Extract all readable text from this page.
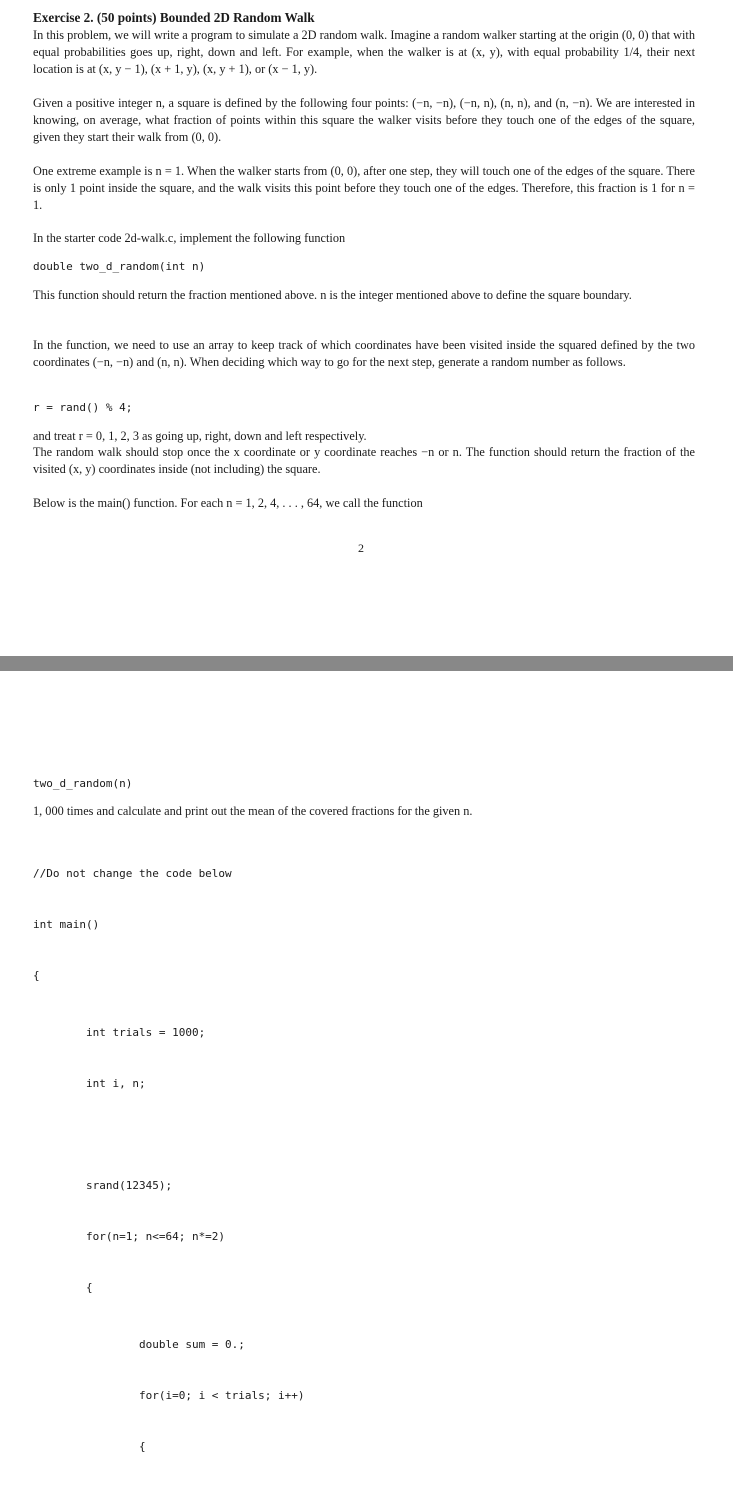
Exercise 2. (50 points) Bounded 2D Random Walk

In this problem, we will write a program to simulate a 2D random walk. Imagine a random walker starting at the origin (0, 0) that with equal probabilities goes up, right, down and left. For example, when the walker is at (x, y), with equal probability 1/4, their next location is at (x, y − 1), (x + 1, y), (x, y + 1), or (x − 1, y).

Given a positive integer n, a square is defined by the following four points: (−n, −n), (−n, n), (n, n), and (n, −n). We are interested in knowing, on average, what fraction of points within this square the walker visits before they touch one of the edges of the square, given they start their walk from (0, 0).

One extreme example is n = 1. When the walker starts from (0, 0), after one step, they will touch one of the edges of the square. There is only 1 point inside the square, and the walk visits this point before they touch one of the edges. Therefore, this fraction is 1 for n = 1.

In the starter code 2d-walk.c, implement the following function

double two_d_random(int n)

This function should return the fraction mentioned above. n is the integer mentioned above to define the square boundary.

In the function, we need to use an array to keep track of which coordinates have been visited inside the squared defined by the two coordinates (−n, −n) and (n, n). When deciding which way to go for the next step, generate a random number as follows.

r = rand() % 4;

and treat r = 0, 1, 2, 3 as going up, right, down and left respectively.

The random walk should stop once the x coordinate or y coordinate reaches −n or n. The function should return the fraction of the visited (x, y) coordinates inside (not including) the square.

Below is the main() function. For each n = 1, 2, 4, . . . , 64, we call the function

2

two_d_random(n)

1, 000 times and calculate and print out the mean of the covered fractions for the given n.

//Do not change the code below

int main()

{

int trials = 1000;

int i, n;

srand(12345);

for(n=1; n<=64; n*=2)

{

double sum = 0.;

for(i=0; i < trials; i++)

{
